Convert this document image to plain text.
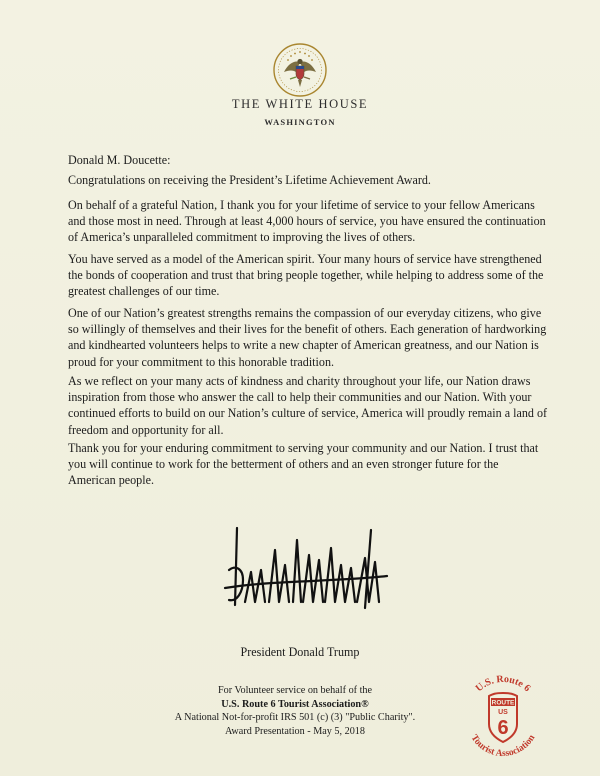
THE WHITE HOUSE
WASHINGTON

Donald M. Doucette:

Congratulations on receiving the President’s Lifetime Achievement Award.

On behalf of a grateful Nation, I thank you for your lifetime of service to your fellow Americans and those most in need. Through at least 4,000 hours of service, you have ensured the continuation of America’s unparalleled commitment to improving the lives of others.

You have served as a model of the American spirit. Your many hours of service have strengthened the bonds of cooperation and trust that bring people together, while helping to address some of the greatest challenges of our time.

One of our Nation’s greatest strengths remains the compassion of our everyday citizens, who give so willingly of themselves and their lives for the benefit of others. Each generation of hardworking and kindhearted volunteers helps to write a new chapter of American greatness, and our Nation is proud for your commitment to this honorable tradition.

As we reflect on your many acts of kindness and charity throughout your life, our Nation draws inspiration from those who answer the call to help their communities and our Nation. With your continued efforts to build on our Nation’s culture of service, America will proudly remain a land of freedom and opportunity for all.

Thank you for your enduring commitment to serving your community and our Nation. I trust that you will continue to work for the betterment of others and an even stronger future for the American people.

President Donald Trump
For Volunteer service on behalf of the
U.S. Route 6 Tourist Association®
A National Not-for-profit IRS 501 (c) (3) "Public Charity".
Award Presentation - May 5, 2018
U.S. Route 6
Tourist Association
ROUTE
US
6
